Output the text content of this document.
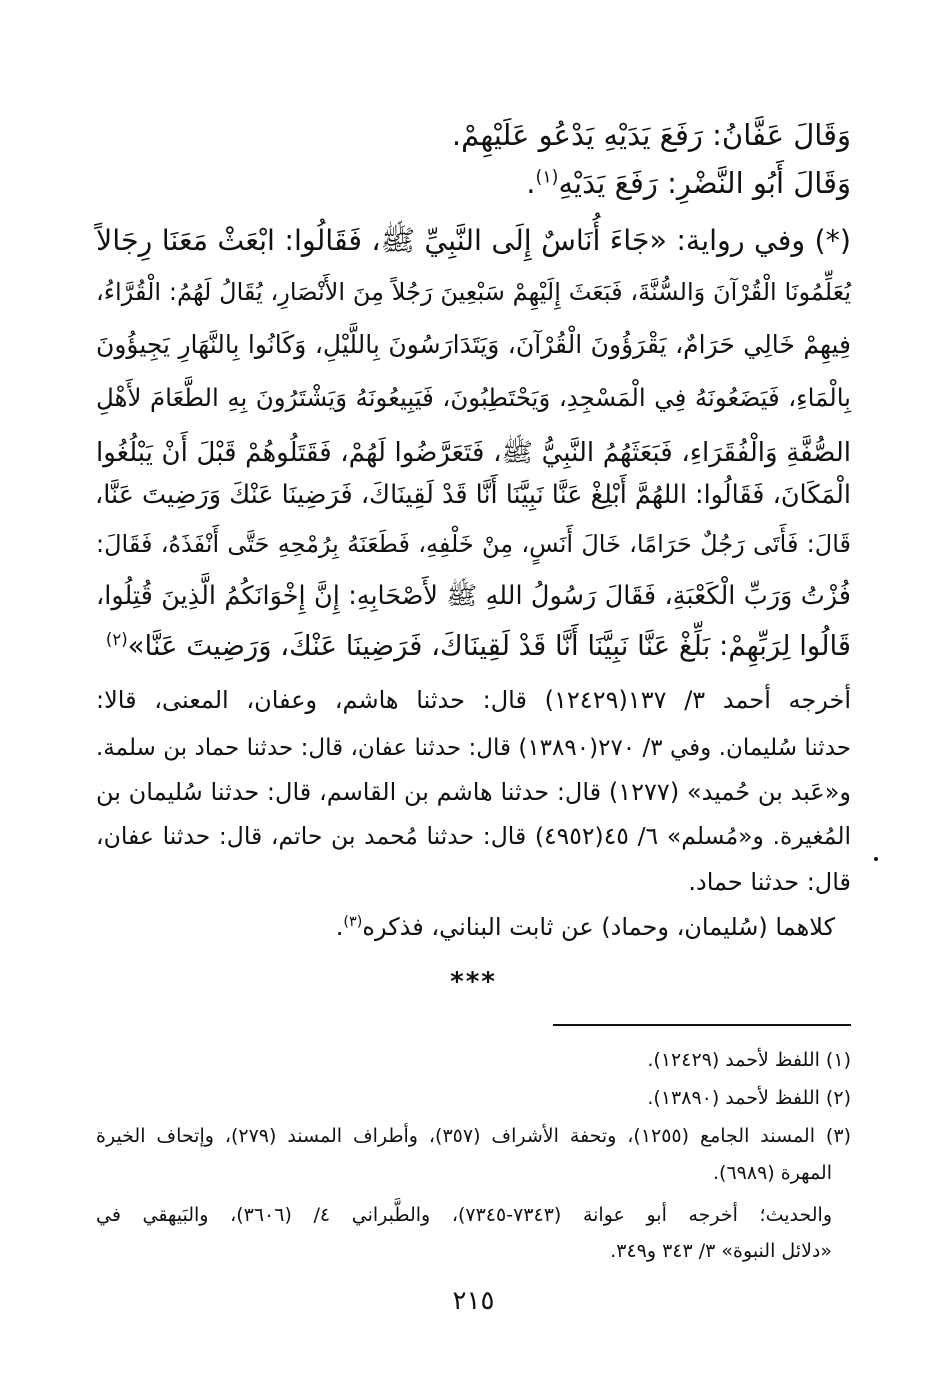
وَقَالَ عَفَّانُ: رَفَعَ يَدَيْهِ يَدْعُو عَلَيْهِمْ.
وَقَالَ أَبُو النَّضْرِ: رَفَعَ يَدَيْهِ$^{(١)}$.
(*) وفي رواية: «جَاءَ أُنَاسٌ إِلَى النَّبِيِّ ﷺ، فَقَالُوا: ابْعَثْ مَعَنَا رِجَالاً
يُعَلِّمُونَا الْقُرْآنَ وَالسُّنَّةَ، فَبَعَثَ إِلَيْهِمْ سَبْعِينَ رَجُلاً مِنَ الأَنْصَارِ، يُقَالُ لَهُمُ: الْقُرَّاءُ،
فِيهِمْ خَالِي حَرَامٌ، يَقْرَؤُونَ الْقُرْآنَ، وَيَتَدَارَسُونَ بِاللَّيْلِ، وَكَانُوا بِالنَّهَارِ يَجِيؤُونَ
بِالْمَاءِ، فَيَضَعُونَهُ فِي الْمَسْجِدِ، وَيَحْتَطِبُونَ، فَيَبِيعُونَهُ وَيَشْتَرُونَ بِهِ الطَّعَامَ لأَهْلِ
الصُّفَّةِ وَالْفُقَرَاءِ، فَبَعَثَهُمُ النَّبِيُّ ﷺ، فَتَعَرَّضُوا لَهُمْ، فَقَتَلُوهُمْ قَبْلَ أَنْ يَبْلُغُوا
الْمَكَانَ، فَقَالُوا: اللهُمَّ أَبْلِغْ عَنَّا نَبِيَّنَا أَنَّا قَدْ لَقِينَاكَ، فَرَضِينَا عَنْكَ وَرَضِيتَ عَنَّا،
قَالَ: فَأَتَى رَجُلٌ حَرَامًا، خَالَ أَنَسٍ، مِنْ خَلْفِهِ، فَطَعَنَهُ بِرُمْحِهِ حَتَّى أَنْفَذَهُ، فَقَالَ:
فُزْتُ وَرَبِّ الْكَعْبَةِ، فَقَالَ رَسُولُ اللهِ ﷺ لأَصْحَابِهِ: إِنَّ إِخْوَانَكُمُ الَّذِينَ قُتِلُوا،
قَالُوا لِرَبِّهِمْ: بَلِّغْ عَنَّا نَبِيَّنَا أَنَّا قَدْ لَقِينَاكَ، فَرَضِينَا عَنْكَ، وَرَضِيتَ عَنَّا»$^{(٢)}$
أخرجه أحمد ٣/ ١٣٧(١٢٤٢٩) قال: حدثنا هاشم، وعفان، المعنى، قالا:
حدثنا سُليمان. وفي ٣/ ٢٧٠(١٣٨٩٠) قال: حدثنا عفان، قال: حدثنا حماد بن سلمة.
و«عَبد بن حُميد» (١٢٧٧) قال: حدثنا هاشم بن القاسم، قال: حدثنا سُليمان بن
المُغيرة. و«مُسلم» ٦/ ٤٥(٤٩٥٢) قال: حدثنا مُحمد بن حاتم، قال: حدثنا عفان،
قال: حدثنا حماد.
كلاهما (سُليمان، وحماد) عن ثابت البناني، فذكره$^{(٣)}$.
***
(١) اللفظ لأحمد (١٢٤٢٩).
(٢) اللفظ لأحمد (١٣٨٩٠).
(٣) المسند الجامع (١٢٥٥)، وتحفة الأشراف (٣٥٧)، وأطراف المسند (٢٧٩)، وإتحاف الخيرة
المهرة (٦٩٨٩).
والحديث؛ أخرجه أبو عوانة (٧٣٤٣-٧٣٤٥)، والطَّبراني ٤/ (٣٦٠٦)، والبَيهقي في
«دلائل النبوة» ٣/ ٣٤٣ و٣٤٩.
٢١٥
